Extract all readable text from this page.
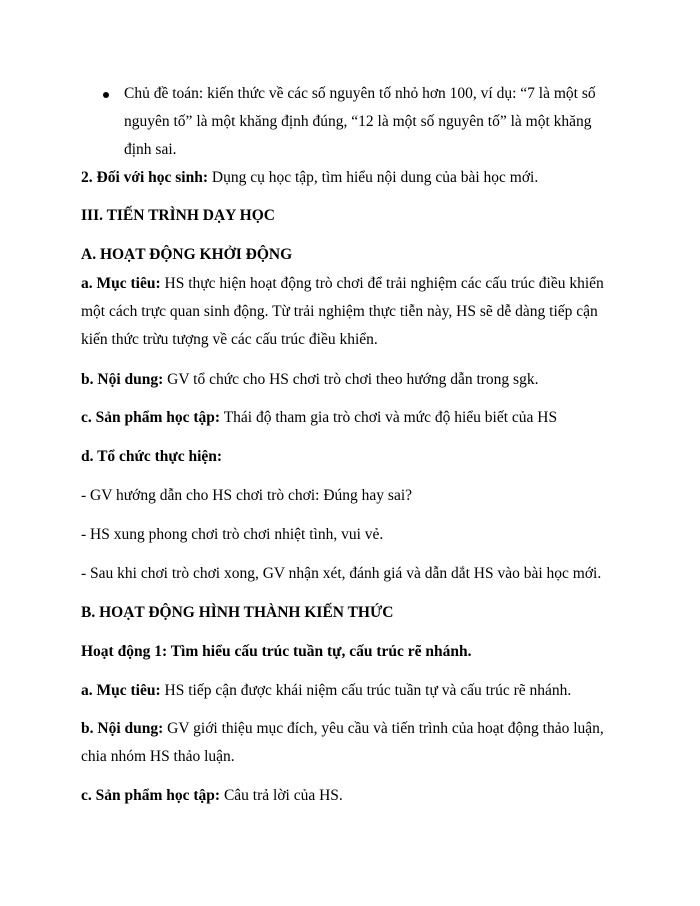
Chủ đề toán: kiến thức về các số nguyên tố nhỏ hơn 100, ví dụ: “7 là một số
nguyên tố” là một khăng định đúng, “12 là một số nguyên tố” là một khăng
định sai.
2. Đối với học sinh: Dụng cụ học tập, tìm hiểu nội dung của bài học mới.
III. TIẾN TRÌNH DẠY HỌC
A. HOẠT ĐỘNG KHỞI ĐỘNG
a. Mục tiêu: HS thực hiện hoạt động trò chơi để trải nghiệm các cấu trúc điều khiển
một cách trực quan sinh động. Từ trải nghiệm thực tiễn này, HS sẽ dễ dàng tiếp cận
kiến thức trừu tượng về các cấu trúc điều khiển.
b. Nội dung: GV tổ chức cho HS chơi trò chơi theo hướng dẫn trong sgk.
c. Sản phẩm học tập: Thái độ tham gia trò chơi và mức độ hiểu biết của HS
d. Tổ chức thực hiện:
- GV hướng dẫn cho HS chơi trò chơi: Đúng hay sai?
- HS xung phong chơi trò chơi nhiệt tình, vui vẻ.
- Sau khi chơi trò chơi xong, GV nhận xét, đánh giá và dẫn dắt HS vào bài học mới.
B. HOẠT ĐỘNG HÌNH THÀNH KIẾN THỨC
Hoạt động 1: Tìm hiểu cấu trúc tuần tự, cấu trúc rẽ nhánh.
a. Mục tiêu: HS tiếp cận được khái niệm cấu trúc tuần tự và cấu trúc rẽ nhánh.
b. Nội dung: GV giới thiệu mục đích, yêu cầu và tiến trình của hoạt động thảo luận,
chia nhóm HS thảo luận.
c. Sản phẩm học tập: Câu trả lời của HS.
